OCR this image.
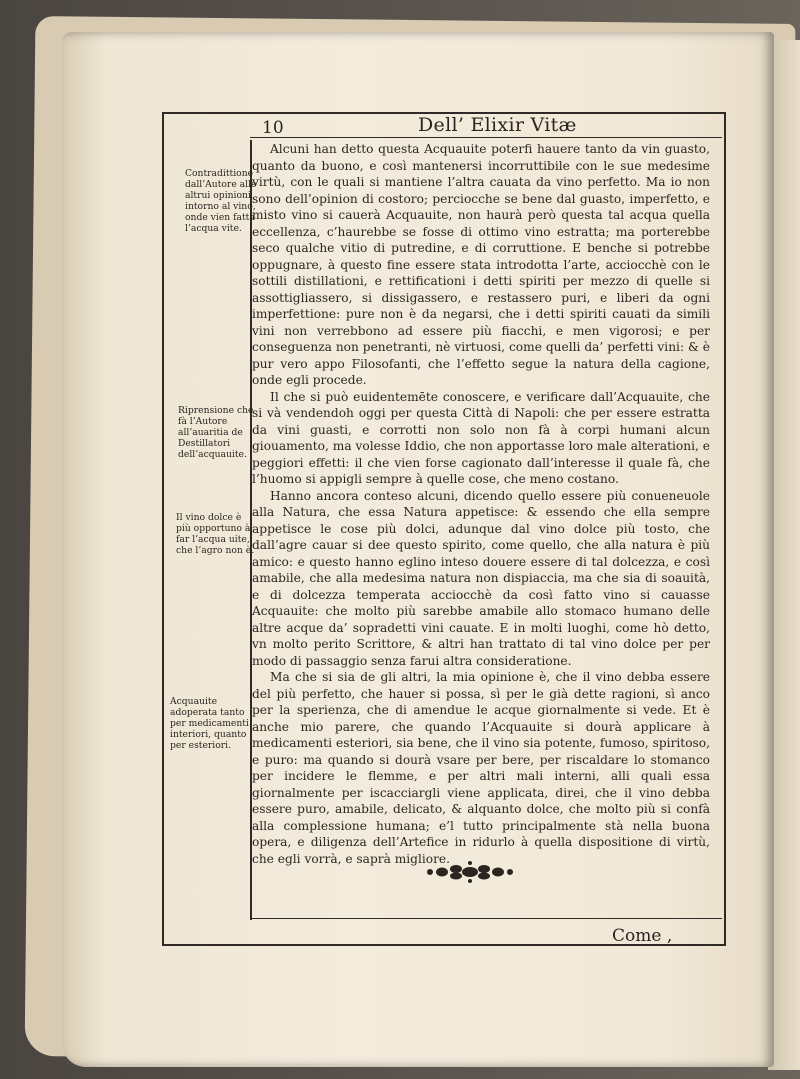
10	Dell’ Elixir Vitæ
Contradittione dall’Autore alle altrui opinioni intorno al vino, onde vien fatta l’acqua vite.
Riprensione che fà l’Autore all’auaritia de Destillatori dell’acquauite.
Il vino dolce è più opportuno à far l’acqua uite, che l’agro non è.
Acquauite adoperata tanto per medicamenti interiori, quanto per esteriori.

Alcuni han detto questa Acquauite poterfi hauere tanto da vin guasto, quanto da buono, e così mantenersi incorruttibile con le sue medesime virtù, con le quali si mantiene l’altra cauata da vino perfetto. Ma io non sono dell’opinion di costoro; perciocche se bene dal guasto, imperfetto, e misto vino si cauerà Acquauite, non haurà però questa tal acqua quella eccellenza, c’haurebbe se fosse di ottimo vino estratta; ma porterebbe seco qualche vitio di putredine, e di corruttione. E benche si potrebbe oppugnare, à questo fine essere stata introdotta l’arte, acciocchè con le sottili distillationi, e rettificationi i detti spiriti per mezzo di quelle si assottigliassero, si dissigassero, e restassero puri, e liberi da ogni imperfettione: pure non è da negarsi, che i detti spiriti cauati da simili vini non verrebbono ad essere più fiacchi, e men vigorosi; e per conseguenza non penetranti, nè virtuosi, come quelli da’ perfetti vini: & è pur vero appo Filosofanti, che l’effetto segue la natura della cagione, onde egli procede.

Il che si può euidentemēte conoscere, e verificare dall’Acquauite, che si và vendendoh oggi per questa Città di Napoli: che per essere estratta da vini guasti, e corrotti non solo non fà à corpi humani alcun giouamento, ma volesse Iddio, che non apportasse loro male alterationi, e peggiori effetti: il che vien forse cagionato dall’interesse il quale fà, che l’huomo si appigli sempre à quelle cose, che meno costano.

Hanno ancora conteso alcuni, dicendo quello essere più conueneuole alla Natura, che essa Natura appetisce: & essendo che ella sempre appetisce le cose più dolci, adunque dal vino dolce più tosto, che dall’agre cauar si dee questo spirito, come quello, che alla natura è più amico: e questo hanno eglino inteso douere essere di tal dolcezza, e così amabile, che alla medesima natura non dispiaccia, ma che sia di soauità, e di dolcezza temperata acciocchè da così fatto vino si cauasse Acquauite: che molto più sarebbe amabile allo stomaco humano delle altre acque da’ sopradetti vini cauate. E in molti luoghi, come hò detto, vn molto perito Scrittore, & altri han trattato di tal vino dolce per per modo di passaggio senza farui altra consideratione.

Ma che si sia de gli altri, la mia opinione è, che il vino debba essere del più perfetto, che hauer si possa, sì per le già dette ragioni, sì anco per la sperienza, che di amendue le acque giornalmente si vede. Et è anche mio parere, che quando l’Acquauite si dourà applicare à medicamenti esteriori, sia bene, che il vino sia potente, fumoso, spiritoso, e puro: ma quando si dourà vsare per bere, per riscaldare lo stomanco per incidere le flemme, e per altri mali interni, alli quali essa giornalmente per iscacciargli viene applicata, direi, che il vino debba essere puro, amabile, delicato, & alquanto dolce, che molto più si confà alla complessione humana; e’l tutto principalmente stà nella buona opera, e diligenza dell’Artefice in ridurlo à quella dispositione di virtù, che egli vorrà, e saprà migliore.

Come ,
